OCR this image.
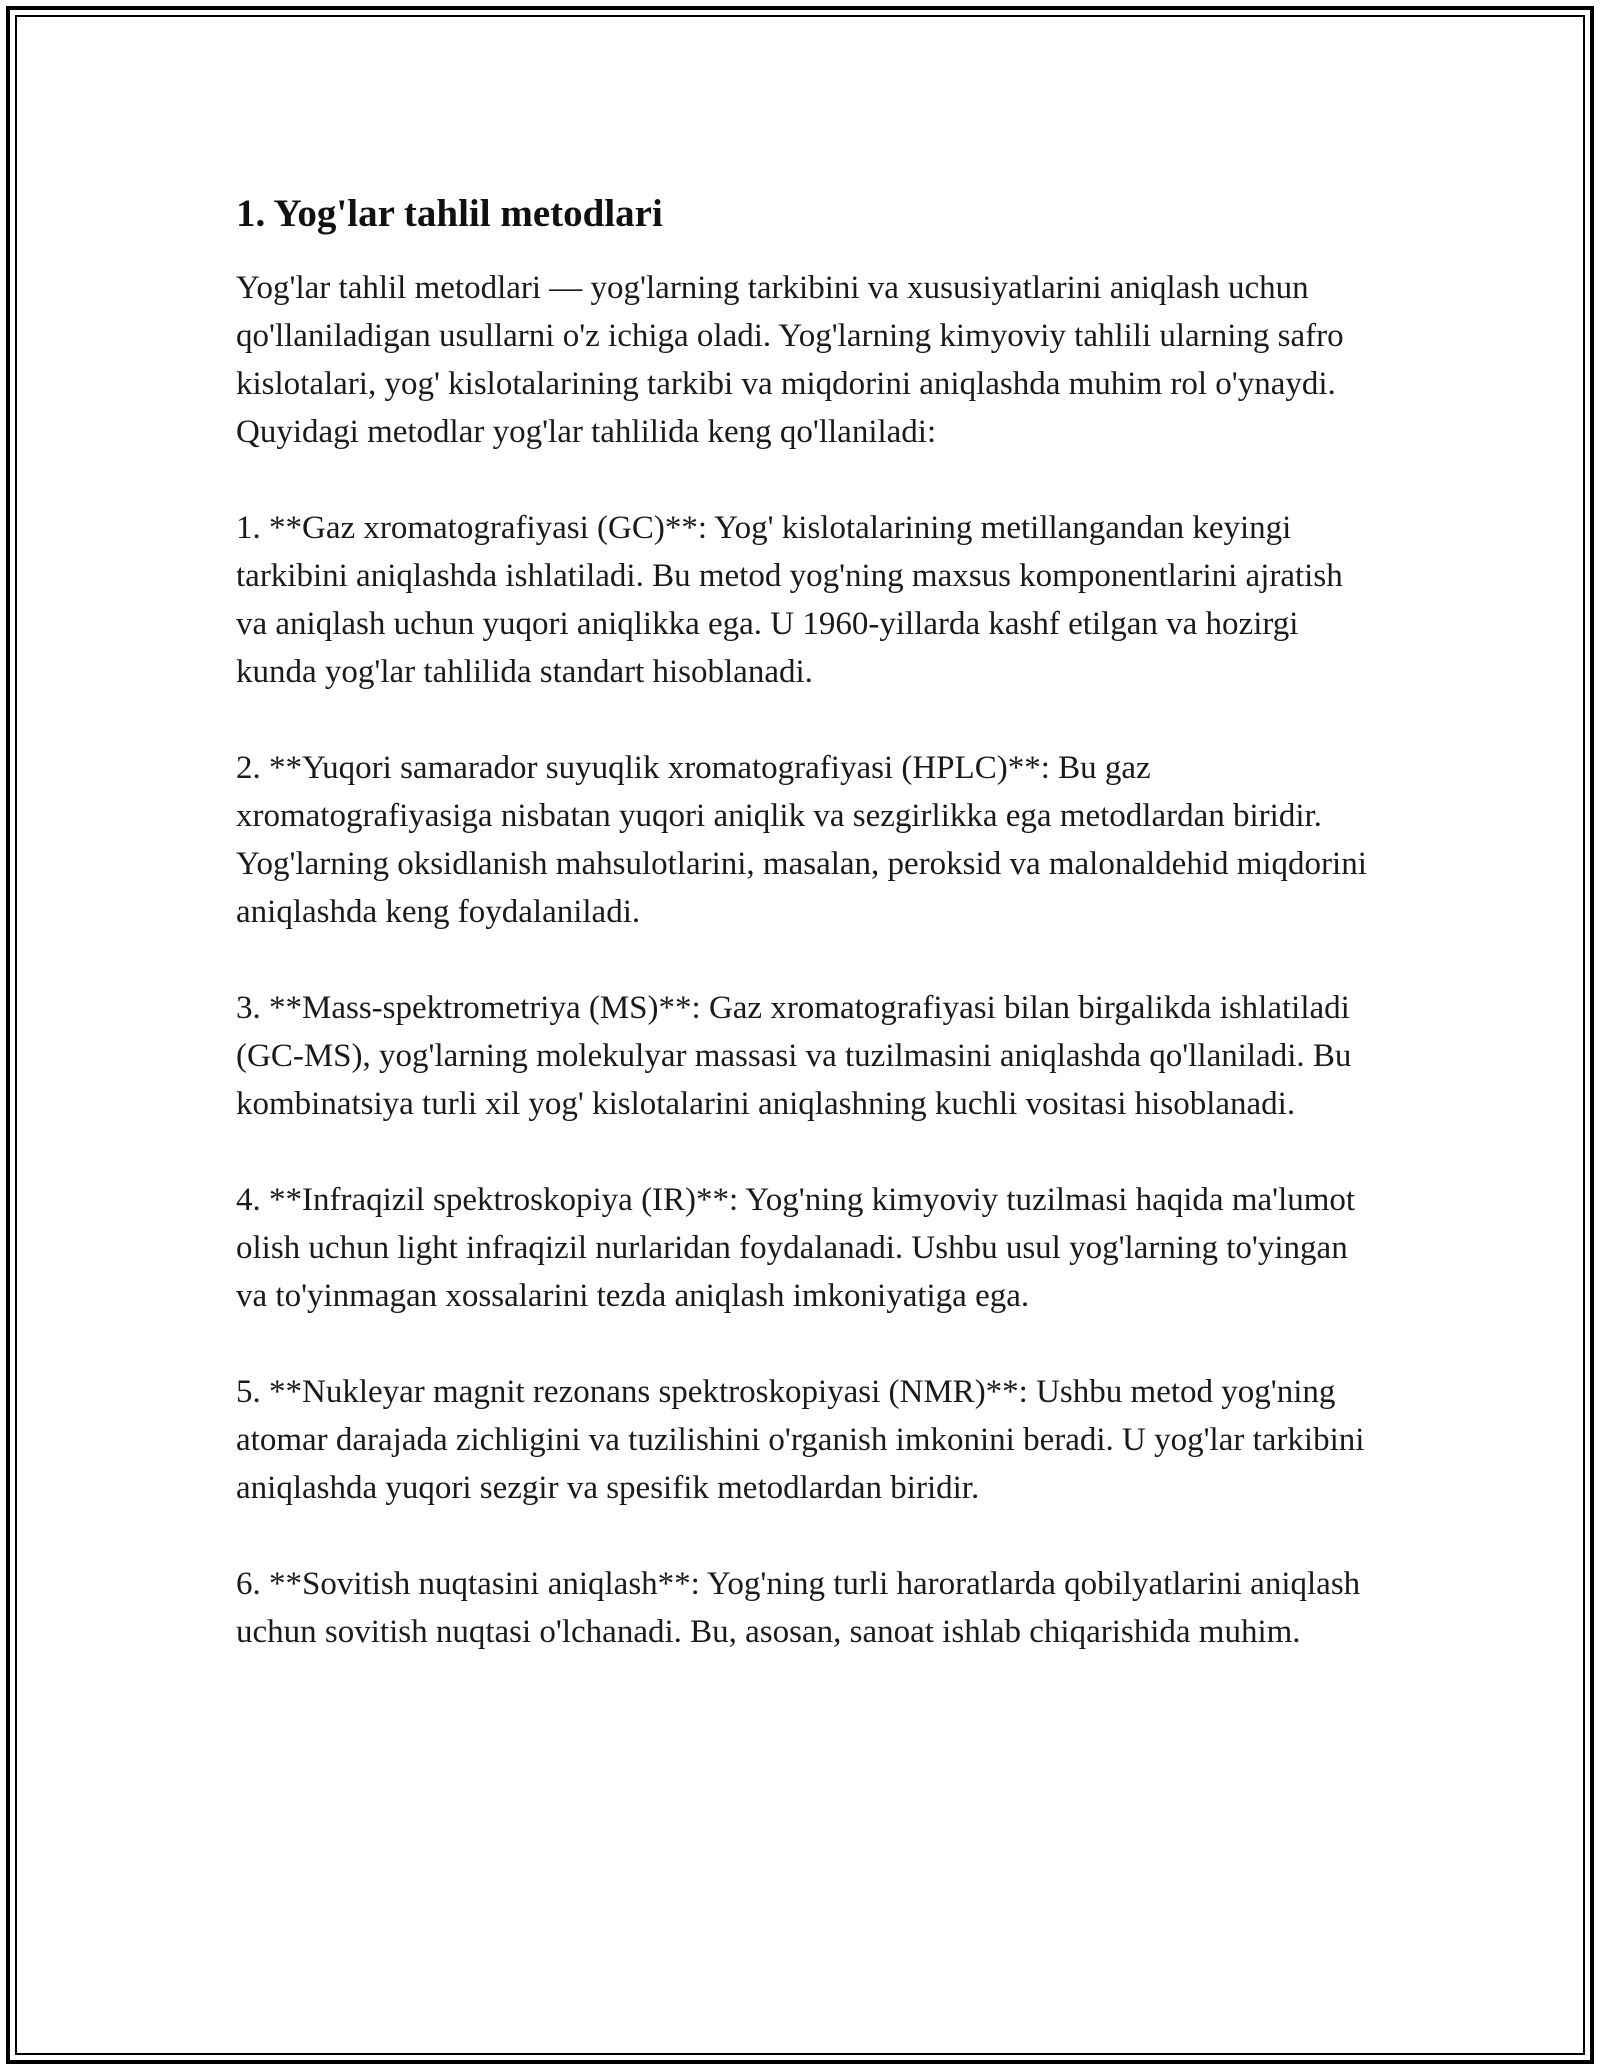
1. Yog'lar tahlil metodlari

Yog'lar tahlil metodlari — yog'larning tarkibini va xususiyatlarini aniqlash uchun qo'llaniladigan usullarni o'z ichiga oladi. Yog'larning kimyoviy tahlili ularning safro kislotalari, yog' kislotalarining tarkibi va miqdorini aniqlashda muhim rol o'ynaydi. Quyidagi metodlar yog'lar tahlilida keng qo'llaniladi:

1. **Gaz xromatografiyasi (GC)**: Yog' kislotalarining metillangandan keyingi tarkibini aniqlashda ishlatiladi. Bu metod yog'ning maxsus komponentlarini ajratish va aniqlash uchun yuqori aniqlikka ega. U 1960-yillarda kashf etilgan va hozirgi kunda yog'lar tahlilida standart hisoblanadi.

2. **Yuqori samarador suyuqlik xromatografiyasi (HPLC)**: Bu gaz xromatografiyasiga nisbatan yuqori aniqlik va sezgirlikka ega metodlardan biridir. Yog'larning oksidlanish mahsulotlarini, masalan, peroksid va malonaldehid miqdorini aniqlashda keng foydalaniladi.

3. **Mass-spektrometriya (MS)**: Gaz xromatografiyasi bilan birgalikda ishlatiladi (GC-MS), yog'larning molekulyar massasi va tuzilmasini aniqlashda qo'llaniladi. Bu kombinatsiya turli xil yog' kislotalarini aniqlashning kuchli vositasi hisoblanadi.

4. **Infraqizil spektroskopiya (IR)**: Yog'ning kimyoviy tuzilmasi haqida ma'lumot olish uchun light infraqizil nurlaridan foydalanadi. Ushbu usul yog'larning to'yingan va to'yinmagan xossalarini tezda aniqlash imkoniyatiga ega.

5. **Nukleyar magnit rezonans spektroskopiyasi (NMR)**: Ushbu metod yog'ning atomar darajada zichligini va tuzilishini o'rganish imkonini beradi. U yog'lar tarkibini aniqlashda yuqori sezgir va spesifik metodlardan biridir.

6. **Sovitish nuqtasini aniqlash**: Yog'ning turli haroratlarda qobilyatlarini aniqlash uchun sovitish nuqtasi o'lchanadi. Bu, asosan, sanoat ishlab chiqarishida muhim.
